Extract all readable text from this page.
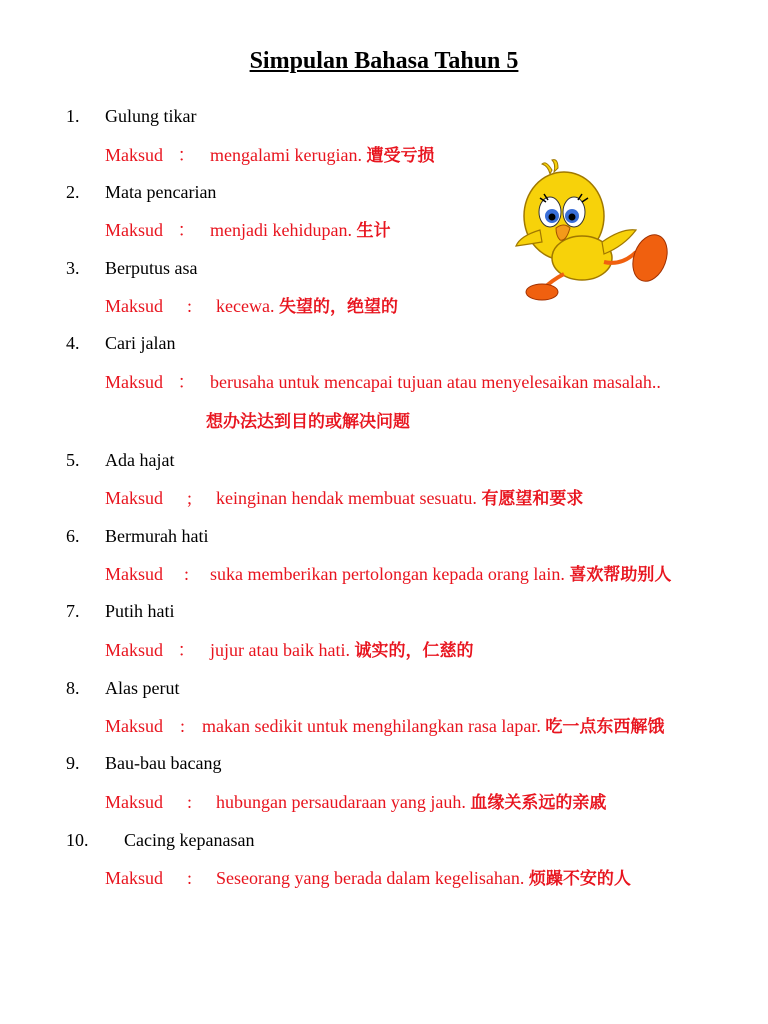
Simpulan Bahasa Tahun 5
1. Gulung tikar
Maksud ： mengalami kerugian. 遭受亏损
2. Mata pencarian
Maksud ： menjadi kehidupan. 生计
3. Berputus asa
Maksud : kecewa. 失望的，绝望的
4. Cari jalan
Maksud ： berusaha untuk mencapai tujuan atau menyelesaikan masalah..
想办法达到目的或解决问题
5. Ada hajat
Maksud ; keinginan hendak membuat sesuatu. 有愿望和要求
6. Bermurah hati
Maksud : suka memberikan pertolongan kepada orang lain. 喜欢帮助别人
7. Putih hati
Maksud ： jujur atau baik hati. 诚实的，仁慈的
8. Alas perut
Maksud : makan sedikit untuk menghilangkan rasa lapar. 吃一点东西解饿
9. Bau-bau bacang
Maksud : hubungan persaudaraan yang jauh. 血缘关系远的亲戚
10. Cacing kepanasan
Maksud : Seseorang yang berada dalam kegelisahan. 烦躁不安的人
